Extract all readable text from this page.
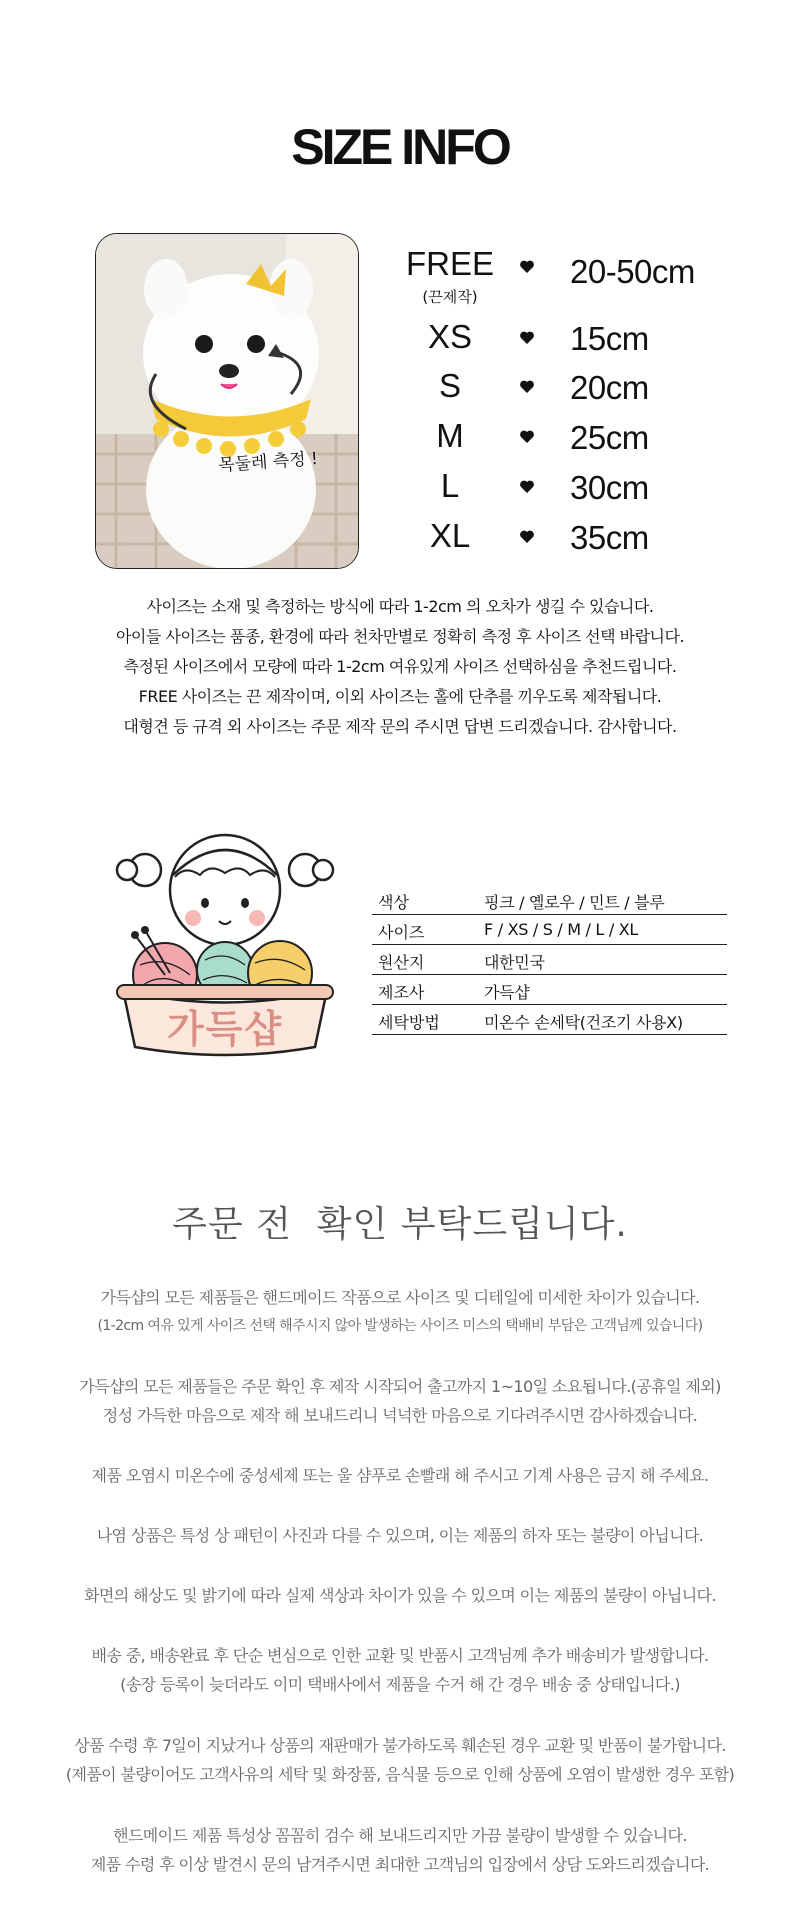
SIZE INFO
목둘레 측정 !
FREE 20-50cm
(끈제작)
XS	15cm
S	20cm
M	25cm
L	30cm
XL	35cm
사이즈는 소재 및 측정하는 방식에 따라 1-2cm 의 오차가 생길 수 있습니다.
아이들 사이즈는 품종, 환경에 따라 천차만별로 정확히 측정 후 사이즈 선택 바랍니다.
측정된 사이즈에서 모량에 따라 1-2cm 여유있게 사이즈 선택하심을 추천드립니다.
FREE 사이즈는 끈 제작이며, 이외 사이즈는 홀에 단추를 끼우도록 제작됩니다.
대형견 등 규격 외 사이즈는 주문 제작 문의 주시면 답변 드리겠습니다. 감사합니다.
가득샵
색상	핑크 / 옐로우 / 민트 / 블루
사이즈	F / XS / S / M / L / XL
원산지	대한민국
제조사	가득샵
세탁방법	미온수 손세탁(건조기 사용X)
주문 전  확인 부탁드립니다.
가득샵의 모든 제품들은 핸드메이드 작품으로 사이즈 및 디테일에 미세한 차이가 있습니다.
(1-2cm 여유 있게 사이즈 선택 해주시지 않아 발생하는 사이즈 미스의 택배비 부담은 고객님께 있습니다)
가득샵의 모든 제품들은 주문 확인 후 제작 시작되어 출고까지 1~10일 소요됩니다.(공휴일 제외)
정성 가득한 마음으로 제작 해 보내드리니 넉넉한 마음으로 기다려주시면 감사하겠습니다.
제품 오염시 미온수에 중성세제 또는 울 샴푸로 손빨래 해 주시고 기계 사용은 금지 해 주세요.
나염 상품은 특성 상 패턴이 사진과 다를 수 있으며, 이는 제품의 하자 또는 불량이 아닙니다.
화면의 해상도 및 밝기에 따라 실제 색상과 차이가 있을 수 있으며 이는 제품의 불량이 아닙니다.
배송 중, 배송완료 후 단순 변심으로 인한 교환 및 반품시 고객님께 추가 배송비가 발생합니다.
(송장 등록이 늦더라도 이미 택배사에서 제품을 수거 해 간 경우 배송 중 상태입니다.)
상품 수령 후 7일이 지났거나 상품의 재판매가 불가하도록 훼손된 경우 교환 및 반품이 불가합니다.
(제품이 불량이어도 고객사유의 세탁 및 화장품, 음식물 등으로 인해 상품에 오염이 발생한 경우 포함)
핸드메이드 제품 특성상 꼼꼼히 검수 해 보내드리지만 가끔 불량이 발생할 수 있습니다.
제품 수령 후 이상 발견시 문의 남겨주시면 최대한 고객님의 입장에서 상담 도와드리겠습니다.
